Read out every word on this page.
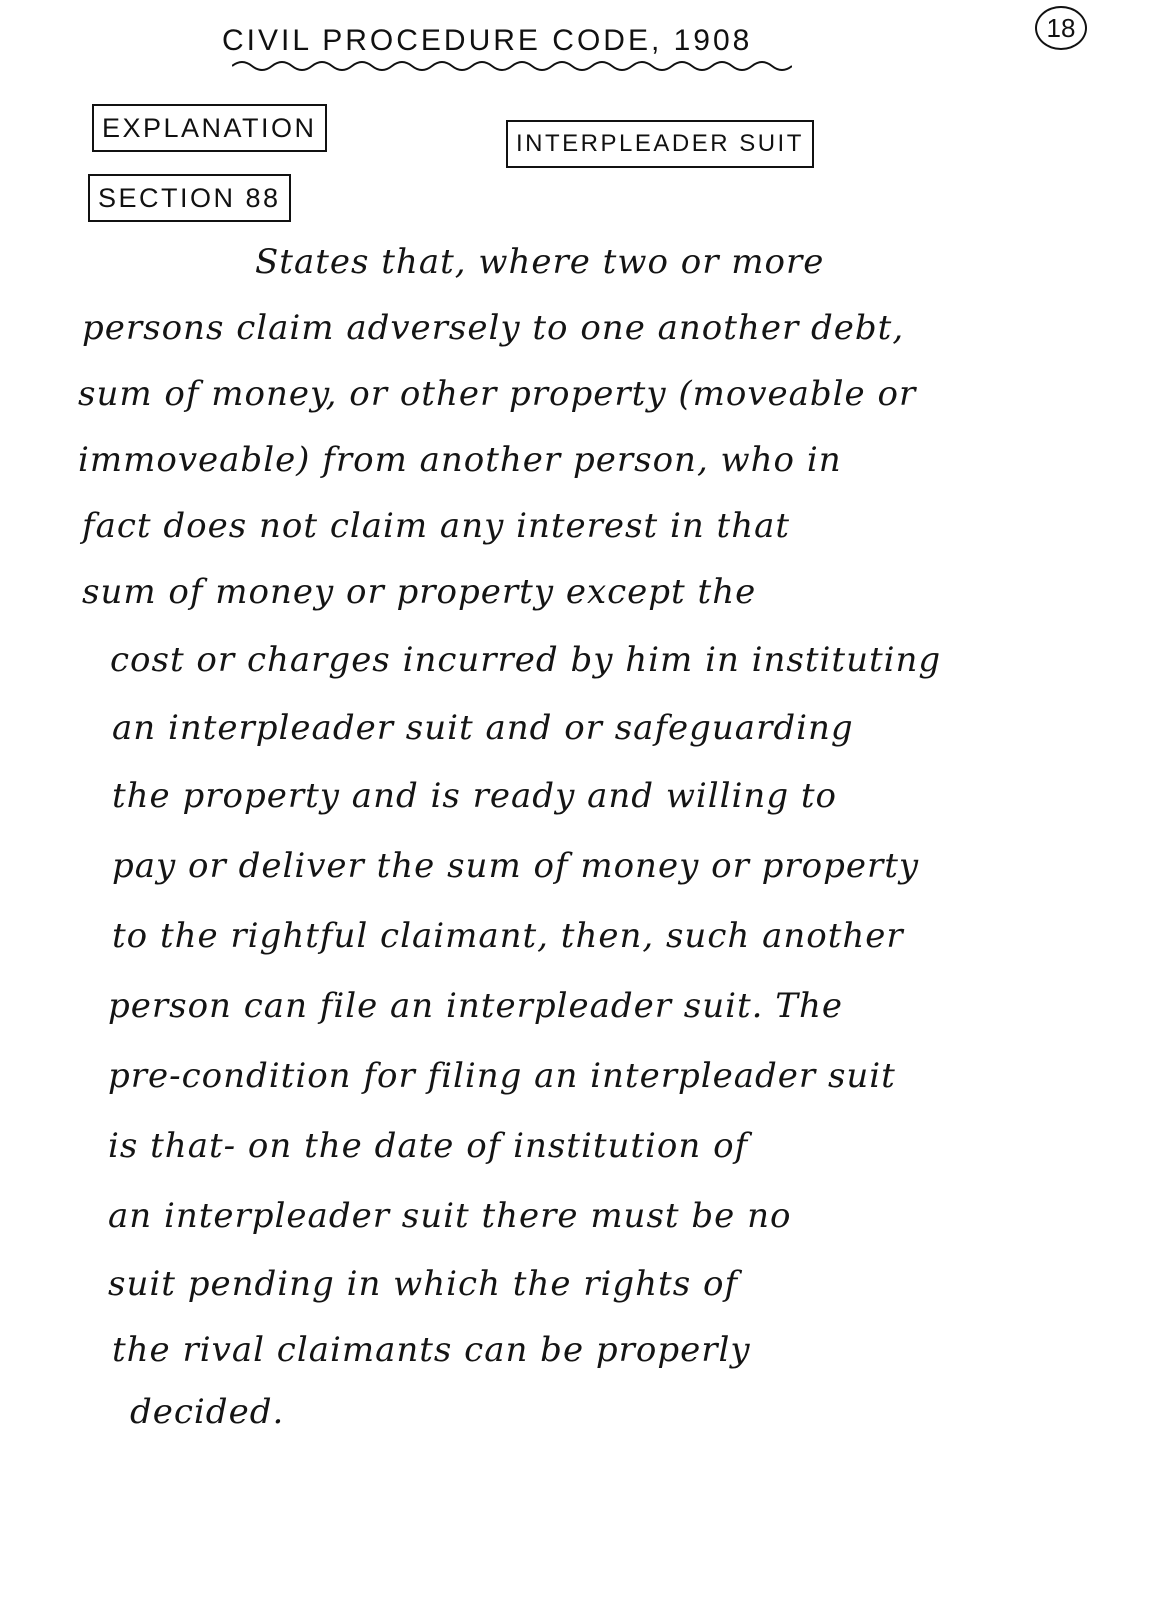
CIVIL PROCEDURE CODE, 1908	18
EXPLANATION
SECTION 88
INTERPLEADER SUIT
States that, where two or more
persons claim adversely to one another debt,
sum of money, or other property (moveable or
immoveable) from another person, who in
fact does not claim any interest in that
sum of money or property except the
cost or charges incurred by him in instituting
an interpleader suit and or safeguarding
the property and is ready and willing to
pay or deliver the sum of money or property
to the rightful claimant, then, such another
person can file an interpleader suit. The
pre-condition for filing an interpleader suit
is that- on the date of institution of
an interpleader suit there must be no
suit pending in which the rights of
the rival claimants can be properly
decided.
